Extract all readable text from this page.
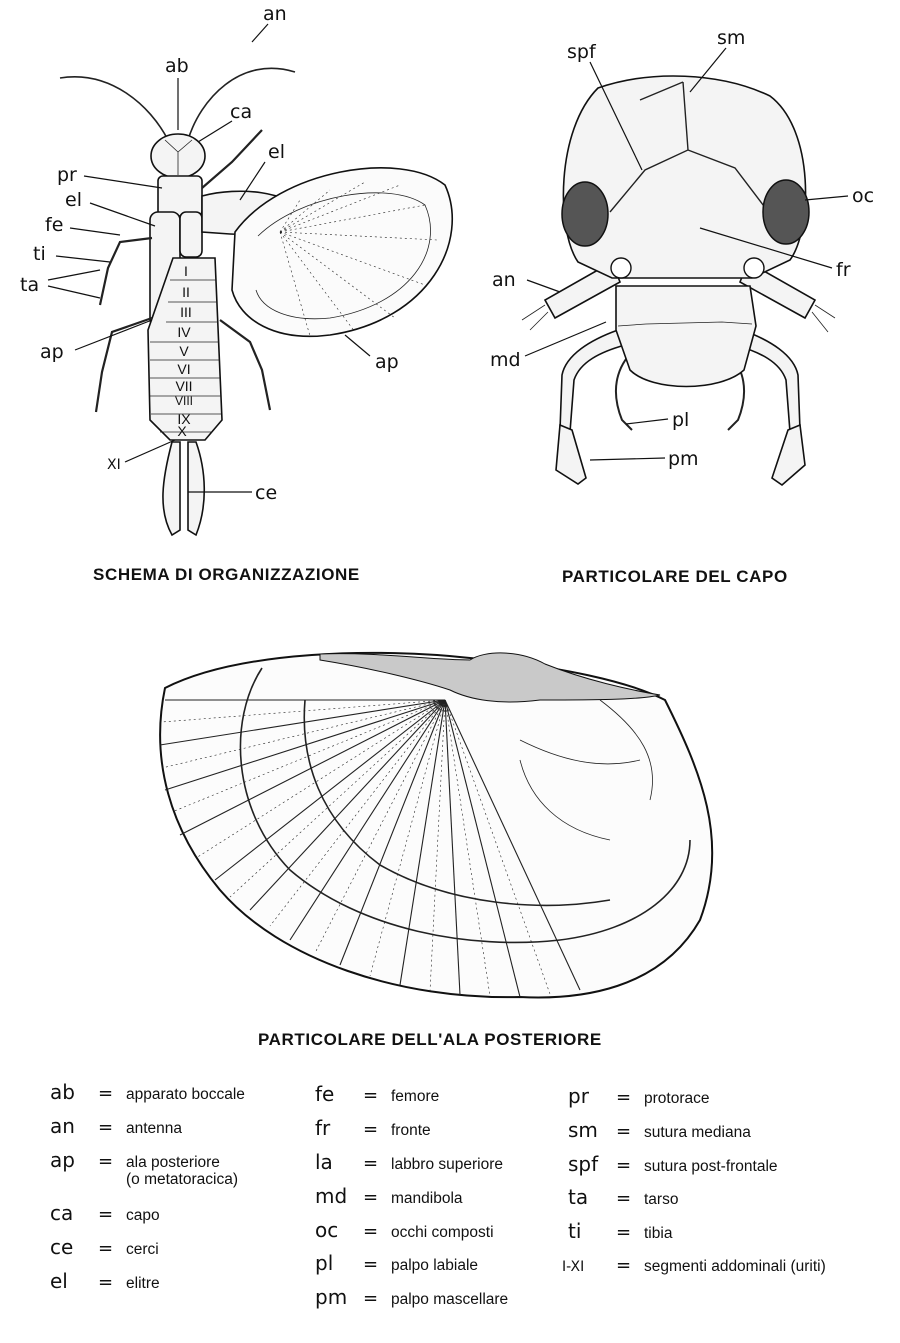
an
ab
ca
el
pr
el
fe
ti
ta
ap	ap
XI
ce
I
II
III
IV
V
VI
VII
VIII
IX
X
SCHEMA DI ORGANIZZAZIONE
spf
sm
oc
fr
an
md
pl
pm
PARTICOLARE DEL CAPO
PARTICOLARE DELL'ALA POSTERIORE
ab = apparato boccale
an = antenna
ap = ala posteriore
(o metatoracica)
ca = capo
ce = cerci
el = elitre
fe = femore
fr = fronte
la = labbro superiore
md = mandibola
oc = occhi composti
pl = palpo labiale
pm = palpo mascellare
pr = protorace
sm = sutura mediana
spf = sutura post-frontale
ta = tarso
ti = tibia
I-XI = segmenti addominali (uriti)
